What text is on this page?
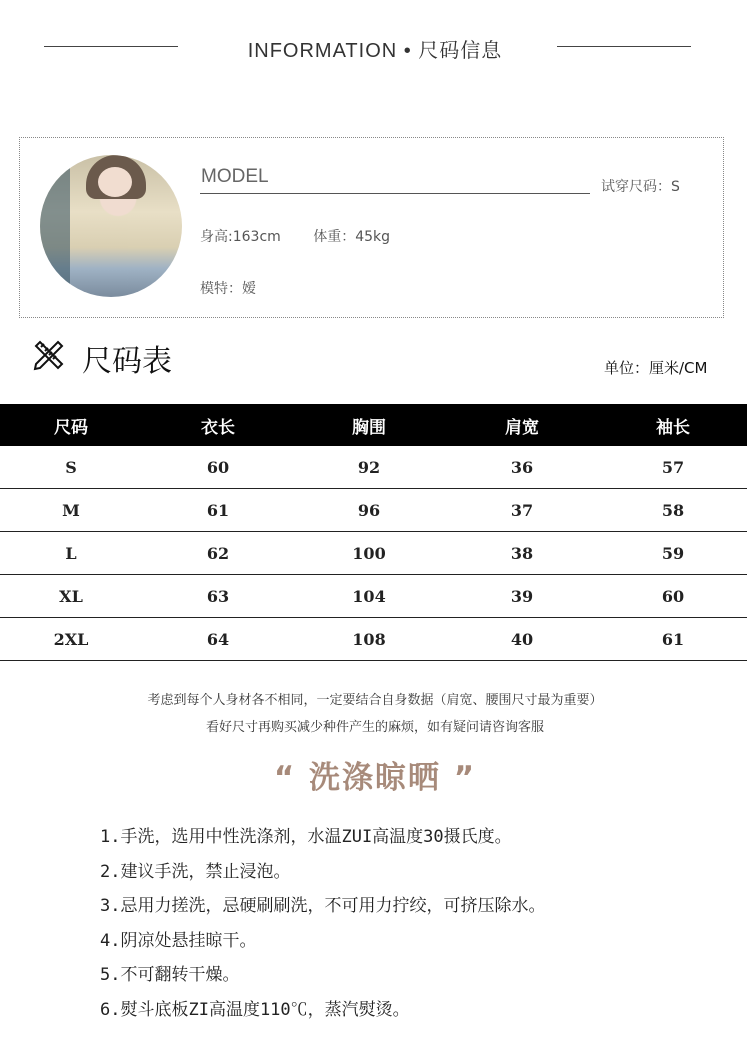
INFORMATION • 尺码信息
MODEL	试穿尺码：S
身高:163cm 体重：45kg
模特：嫒
尺码表	单位：厘米/CM
尺码	衣长	胸围	肩宽	袖长
S	60	92	36	57
M	61	96	37	58
L	62	100	38	59
XL	63	104	39	60
2XL	64	108	40	61
考虑到每个人身材各不相同，一定要结合自身数据（肩宽、腰围尺寸最为重要）
看好尺寸再购买减少种件产生的麻烦，如有疑问请咨询客服
“ 洗涤晾晒 ”
1.手洗，选用中性洗涤剂，水温ZUI高温度30摄氏度。
2.建议手洗，禁止浸泡。
3.忌用力搓洗，忌硬刷刷洗，不可用力拧绞，可挤压除水。
4.阴凉处悬挂晾干。
5.不可翻转干燥。
6.熨斗底板ZI高温度110℃，蒸汽熨烫。
